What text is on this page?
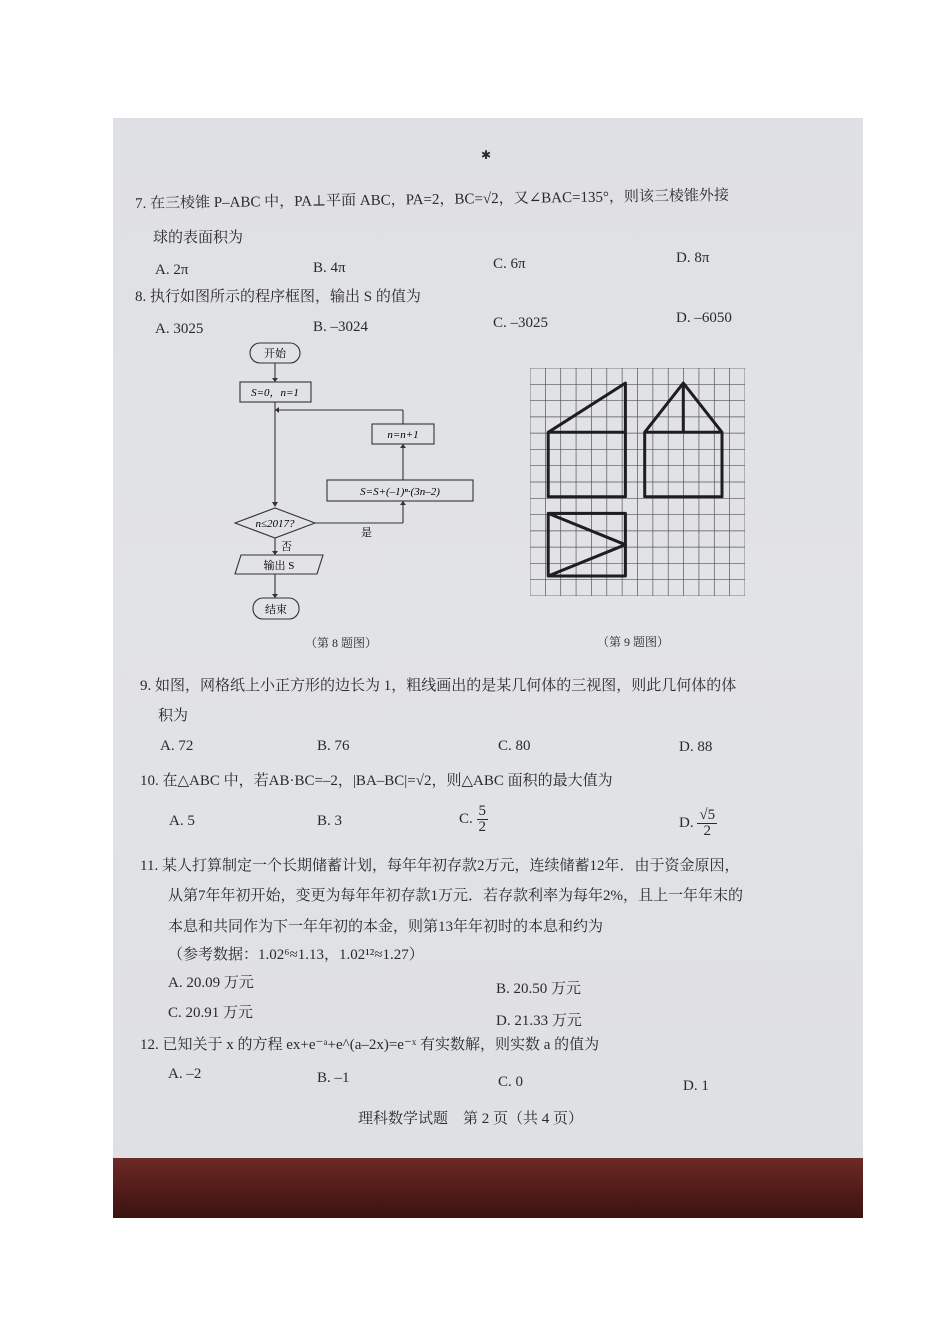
✱
7. 在三棱锥 P–ABC 中，PA⊥平面 ABC，PA=2，BC=√2，又∠BAC=135°，则该三棱锥外接
球的表面积为
A. 2π	B. 4π	C. 6π	D. 8π
8. 执行如图所示的程序框图，输出 S 的值为
A. 3025	B. –3024	C. –3025	D. –6050
开始
S=0，n=1
n=n+1
S=S+(–1)ⁿ·(3n–2)
n≤2017?
是
否
输出 S
结束
（第 8 题图）	（第 9 题图）
9. 如图，网格纸上小正方形的边长为 1，粗线画出的是某几何体的三视图，则此几何体的体
积为
A. 72	B. 76	C. 80	D. 88
10. 在△ABC 中，若AB·BC=–2，|BA–BC|=√2，则△ABC 面积的最大值为
A. 5	B. 3	C. $\frac{5}{2}$	D. $\frac{√5}{2}$
11. 某人打算制定一个长期储蓄计划，每年年初存款2万元，连续储蓄12年．由于资金原因，
从第7年年初开始，变更为每年年初存款1万元．若存款利率为每年2%，且上一年年末的
本息和共同作为下一年年初的本金，则第13年年初时的本息和约为
（参考数据：1.02⁶≈1.13，1.02¹²≈1.27）
A. 20.09 万元	B. 20.50 万元
C. 20.91 万元	D. 21.33 万元
12. 已知关于 x 的方程 ex+e⁻ᵃ+e^(a–2x)=e⁻ˣ 有实数解，则实数 a 的值为
A. –2	B. –1	C. 0	D. 1
理科数学试题　第 2 页（共 4 页）
